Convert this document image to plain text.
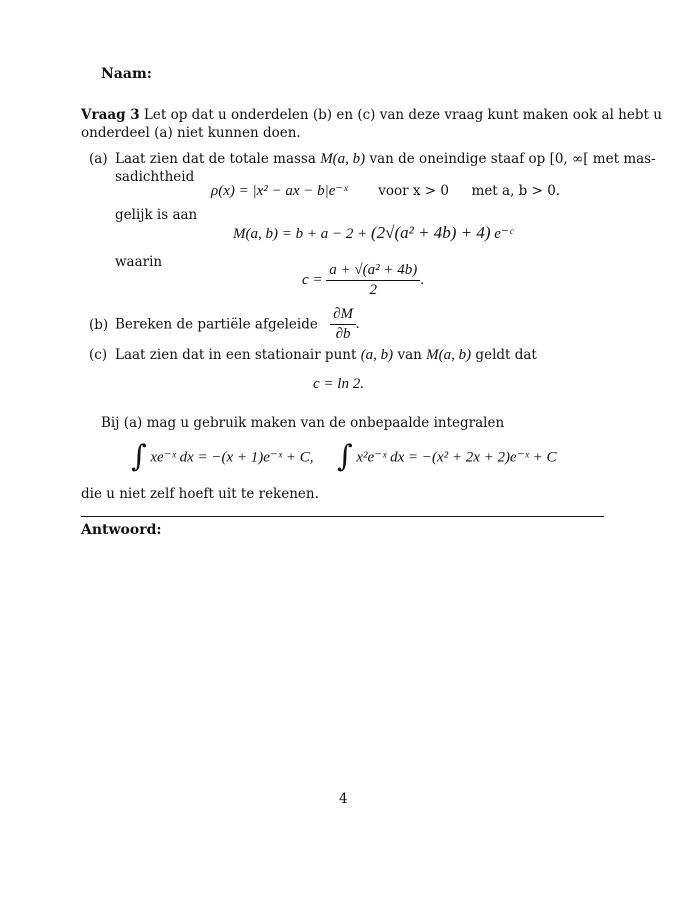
Naam:
Vraag 3 Let op dat u onderdelen (b) en (c) van deze vraag kunt maken ook al hebt u
onderdeel (a) niet kunnen doen.
(a) Laat zien dat de totale massa M(a, b) van de oneindige staaf op [0, ∞[ met mas-
sadichtheid
ρ(x) = |x² − ax − b|e⁻ˣ voor x > 0 met a, b > 0.
gelijk is aan
M(a, b) = b + a − 2 + (2√(a² + 4b) + 4) e⁻ᶜ
waarin
$c = \frac{\text{a + √(a² + 4b)}}{2}$ .
(b) Bereken de partiële afgeleide $\frac{\partial M}{\partial b}$ .
(c) Laat zien dat in een stationair punt (a, b) van M(a, b) geldt dat
c = ln 2.
Bij (a) mag u gebruik maken van de onbepaalde integralen
∫ xe⁻ˣ dx = −(x + 1)e⁻ˣ + C, ∫ x²e⁻ˣ dx = −(x² + 2x + 2)e⁻ˣ + C
die u niet zelf hoeft uit te rekenen.
Antwoord:
4
